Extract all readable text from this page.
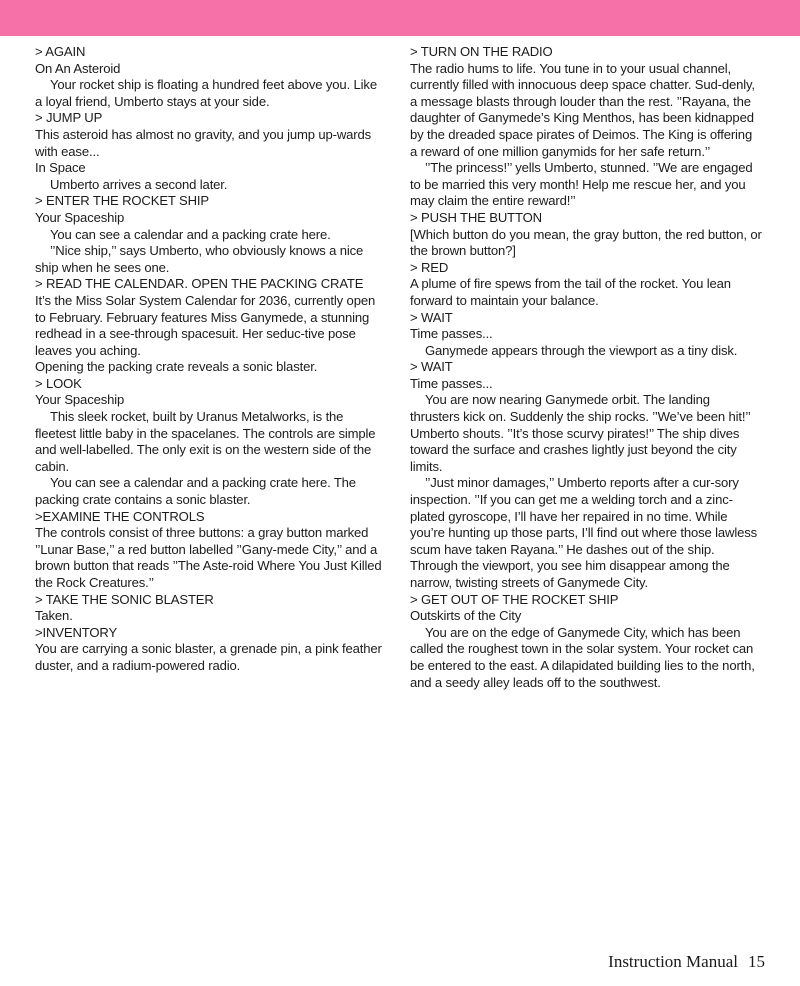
> AGAIN
On An Asteroid
Your rocket ship is floating a hundred feet above you. Like a loyal friend, Umberto stays at your side.
> JUMP UP
This asteroid has almost no gravity, and you jump up-wards with ease...
In Space
Umberto arrives a second later.
> ENTER THE ROCKET SHIP
Your Spaceship
You can see a calendar and a packing crate here.
’’Nice ship,’’ says Umberto, who obviously knows a nice ship when he sees one.
> READ THE CALENDAR. OPEN THE PACKING CRATE
It’s the Miss Solar System Calendar for 2036, currently open to February. February features Miss Ganymede, a stunning redhead in a see-through spacesuit. Her seduc-tive pose leaves you aching.
Opening the packing crate reveals a sonic blaster.
> LOOK
Your Spaceship
This sleek rocket, built by Uranus Metalworks, is the fleetest little baby in the spacelanes. The controls are simple and well-labelled. The only exit is on the western side of the cabin.
You can see a calendar and a packing crate here. The packing crate contains a sonic blaster.
>EXAMINE THE CONTROLS
The controls consist of three buttons: a gray button marked ’’Lunar Base,’’ a red button labelled ’’Gany-mede City,’’ and a brown button that reads ’’The Aste-roid Where You Just Killed the Rock Creatures.’’
> TAKE THE SONIC BLASTER
Taken.
>INVENTORY
You are carrying a sonic blaster, a grenade pin, a pink feather duster, and a radium-powered radio.
> TURN ON THE RADIO
The radio hums to life. You tune in to your usual channel, currently filled with innocuous deep space chatter. Sud-denly, a message blasts through louder than the rest. ’’Rayana, the daughter of Ganymede’s King Menthos, has been kidnapped by the dreaded space pirates of Deimos. The King is offering a reward of one million ganymids for her safe return.’’
’’The princess!’’ yells Umberto, stunned. ’’We are engaged to be married this very month! Help me rescue her, and you may claim the entire reward!’’
> PUSH THE BUTTON
[Which button do you mean, the gray button, the red button, or the brown button?]
> RED
A plume of fire spews from the tail of the rocket. You lean forward to maintain your balance.
> WAIT
Time passes...
Ganymede appears through the viewport as a tiny disk.
> WAIT
Time passes...
You are now nearing Ganymede orbit. The landing thrusters kick on. Suddenly the ship rocks. ’’We’ve been hit!’’ Umberto shouts. ’’It’s those scurvy pirates!’’ The ship dives toward the surface and crashes lightly just beyond the city limits.
’’Just minor damages,’’ Umberto reports after a cur-sory inspection. ’’If you can get me a welding torch and a zinc-plated gyroscope, I’ll have her repaired in no time. While you’re hunting up those parts, I’ll find out where those lawless scum have taken Rayana.’’ He dashes out of the ship. Through the viewport, you see him disappear among the narrow, twisting streets of Ganymede City.
> GET OUT OF THE ROCKET SHIP
Outskirts of the City
You are on the edge of Ganymede City, which has been called the roughest town in the solar system. Your rocket can be entered to the east. A dilapidated building lies to the north, and a seedy alley leads off to the southwest.
Instruction Manual 15
